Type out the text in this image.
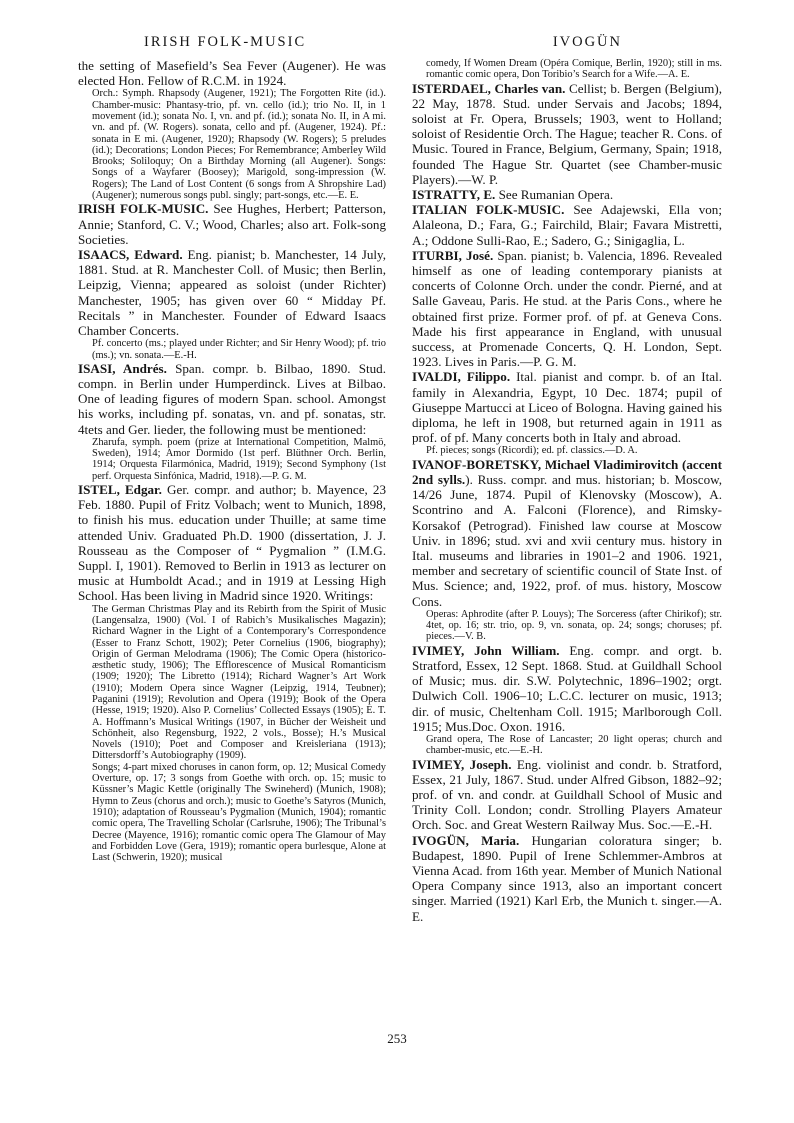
IRISH FOLK-MUSIC	IVOGÜN

the setting of Masefield’s Sea Fever (Augener). He was elected Hon. Fellow of R.C.M. in 1924.

Orch.: Symph. Rhapsody (Augener, 1921); The Forgotten Rite (id.). Chamber-music: Phantasy-trio, pf. vn. cello (id.); trio No. II, in 1 movement (id.); sonata No. I, vn. and pf. (id.); sonata No. II, in A mi. vn. and pf. (W. Rogers). sonata, cello and pf. (Augener, 1924). Pf.: sonata in E mi. (Augener, 1920); Rhapsody (W. Rogers); 5 preludes (id.); Decorations; London Pieces; For Remembrance; Amberley Wild Brooks; Soliloquy; On a Birthday Morning (all Augener). Songs: Songs of a Wayfarer (Boosey); Marigold, song-impression (W. Rogers); The Land of Lost Content (6 songs from A Shropshire Lad) (Augener); numerous songs publ. singly; part-songs, etc.—E. E.

IRISH FOLK-MUSIC. See Hughes, Herbert; Patterson, Annie; Stanford, C. V.; Wood, Charles; also art. Folk-song Societies.

ISAACS, Edward. Eng. pianist; b. Manchester, 14 July, 1881. Stud. at R. Manchester Coll. of Music; then Berlin, Leipzig, Vienna; appeared as soloist (under Richter) Manchester, 1905; has given over 60 “ Midday Pf. Recitals ” in Manchester. Founder of Edward Isaacs Chamber Concerts.

Pf. concerto (ms.; played under Richter; and Sir Henry Wood); pf. trio (ms.); vn. sonata.—E.-H.

ISASI, Andrés. Span. compr. b. Bilbao, 1890. Stud. compn. in Berlin under Humperdinck. Lives at Bilbao. One of leading figures of modern Span. school. Amongst his works, including pf. sonatas, vn. and pf. sonatas, str. 4tets and Ger. lieder, the following must be mentioned:

Zharufa, symph. poem (prize at International Competition, Malmö, Sweden), 1914; Amor Dormido (1st perf. Blüthner Orch. Berlin, 1914; Orquesta Filarmónica, Madrid, 1919); Second Symphony (1st perf. Orquesta Sinfónica, Madrid, 1918).—P. G. M.

ISTEL, Edgar. Ger. compr. and author; b. Mayence, 23 Feb. 1880. Pupil of Fritz Volbach; went to Munich, 1898, to finish his mus. education under Thuille; at same time attended Univ. Graduated Ph.D. 1900 (dissertation, J. J. Rousseau as the Composer of “ Pygmalion ” (I.M.G. Suppl. I, 1901). Removed to Berlin in 1913 as lecturer on music at Humboldt Acad.; and in 1919 at Lessing High School. Has been living in Madrid since 1920. Writings:

The German Christmas Play and its Rebirth from the Spirit of Music (Langensalza, 1900) (Vol. I of Rabich’s Musikalisches Magazin); Richard Wagner in the Light of a Contemporary’s Correspondence (Esser to Franz Schott, 1902); Peter Cornelius (1906, biography); Origin of German Melodrama (1906); The Comic Opera (historico-æsthetic study, 1906); The Efflorescence of Musical Romanticism (1909; 1920); The Libretto (1914); Richard Wagner’s Art Work (1910); Modern Opera since Wagner (Leipzig, 1914, Teubner); Paganini (1919); Revolution and Opera (1919); Book of the Opera (Hesse, 1919; 1920). Also P. Cornelius’ Collected Essays (1905); E. T. A. Hoffmann’s Musical Writings (1907, in Bücher der Weisheit und Schönheit, also Regensburg, 1922, 2 vols., Bosse); H.’s Musical Novels (1910); Poet and Composer and Kreisleriana (1913); Dittersdorff’s Autobiography (1909).

Songs; 4-part mixed choruses in canon form, op. 12; Musical Comedy Overture, op. 17; 3 songs from Goethe with orch. op. 15; music to Küssner’s Magic Kettle (originally The Swineherd) (Munich, 1908); Hymn to Zeus (chorus and orch.); music to Goethe’s Satyros (Munich, 1910); adaptation of Rousseau’s Pygmalion (Munich, 1904); romantic comic opera, The Travelling Scholar (Carlsruhe, 1906); The Tribunal’s Decree (Mayence, 1916); romantic comic opera The Glamour of May and Forbidden Love (Gera, 1919); romantic opera burlesque, Alone at Last (Schwerin, 1920); musical

comedy, If Women Dream (Opéra Comique, Berlin, 1920); still in ms. romantic comic opera, Don Toribio’s Search for a Wife.—A. E.

ISTERDAEL, Charles van. Cellist; b. Bergen (Belgium), 22 May, 1878. Stud. under Servais and Jacobs; 1894, soloist at Fr. Opera, Brussels; 1903, went to Holland; soloist of Residentie Orch. The Hague; teacher R. Cons. of Music. Toured in France, Belgium, Germany, Spain; 1918, founded The Hague Str. Quartet (see Chamber-music Players).—W. P.

ISTRATTY, E. See Rumanian Opera.

ITALIAN FOLK-MUSIC. See Adajewski, Ella von; Alaleona, D.; Fara, G.; Fairchild, Blair; Favara Mistretti, A.; Oddone Sulli-Rao, E.; Sadero, G.; Sinigaglia, L.

ITURBI, José. Span. pianist; b. Valencia, 1896. Revealed himself as one of leading contemporary pianists at concerts of Colonne Orch. under the condr. Pierné, and at Salle Gaveau, Paris. He stud. at the Paris Cons., where he obtained first prize. Former prof. of pf. at Geneva Cons. Made his first appearance in England, with unusual success, at Promenade Concerts, Q. H. London, Sept. 1923. Lives in Paris.—P. G. M.

IVALDI, Filippo. Ital. pianist and compr. b. of an Ital. family in Alexandria, Egypt, 10 Dec. 1874; pupil of Giuseppe Martucci at Liceo of Bologna. Having gained his diploma, he left in 1908, but returned again in 1911 as prof. of pf. Many concerts both in Italy and abroad.

Pf. pieces; songs (Ricordi); ed. pf. classics.—D. A.

IVANOF-BORETSKY, Michael Vladimirovitch (accent 2nd sylls.). Russ. compr. and mus. historian; b. Moscow, 14/26 June, 1874. Pupil of Klenovsky (Moscow), A. Scontrino and A. Falconi (Florence), and Rimsky-Korsakof (Petrograd). Finished law course at Moscow Univ. in 1896; stud. xvi and xvii century mus. history in Ital. museums and libraries in 1901–2 and 1906. 1921, member and secretary of scientific council of State Inst. of Mus. Science; and, 1922, prof. of mus. history, Moscow Cons.

Operas: Aphrodite (after P. Louys); The Sorceress (after Chirikof); str. 4tet, op. 16; str. trio, op. 9, vn. sonata, op. 24; songs; choruses; pf. pieces.—V. B.

IVIMEY, John William. Eng. compr. and orgt. b. Stratford, Essex, 12 Sept. 1868. Stud. at Guildhall School of Music; mus. dir. S.W. Polytechnic, 1896–1902; orgt. Dulwich Coll. 1906–10; L.C.C. lecturer on music, 1913; dir. of music, Cheltenham Coll. 1915; Marlborough Coll. 1915; Mus.Doc. Oxon. 1916.

Grand opera, The Rose of Lancaster; 20 light operas; church and chamber-music, etc.—E.-H.

IVIMEY, Joseph. Eng. violinist and condr. b. Stratford, Essex, 21 July, 1867. Stud. under Alfred Gibson, 1882–92; prof. of vn. and condr. at Guildhall School of Music and Trinity Coll. London; condr. Strolling Players Amateur Orch. Soc. and Great Western Railway Mus. Soc.—E.-H.

IVOGÜN, Maria. Hungarian coloratura singer; b. Budapest, 1890. Pupil of Irene Schlemmer-Ambros at Vienna Acad. from 16th year. Member of Munich National Opera Company since 1913, also an important concert singer. Married (1921) Karl Erb, the Munich t. singer.—A. E.

253
